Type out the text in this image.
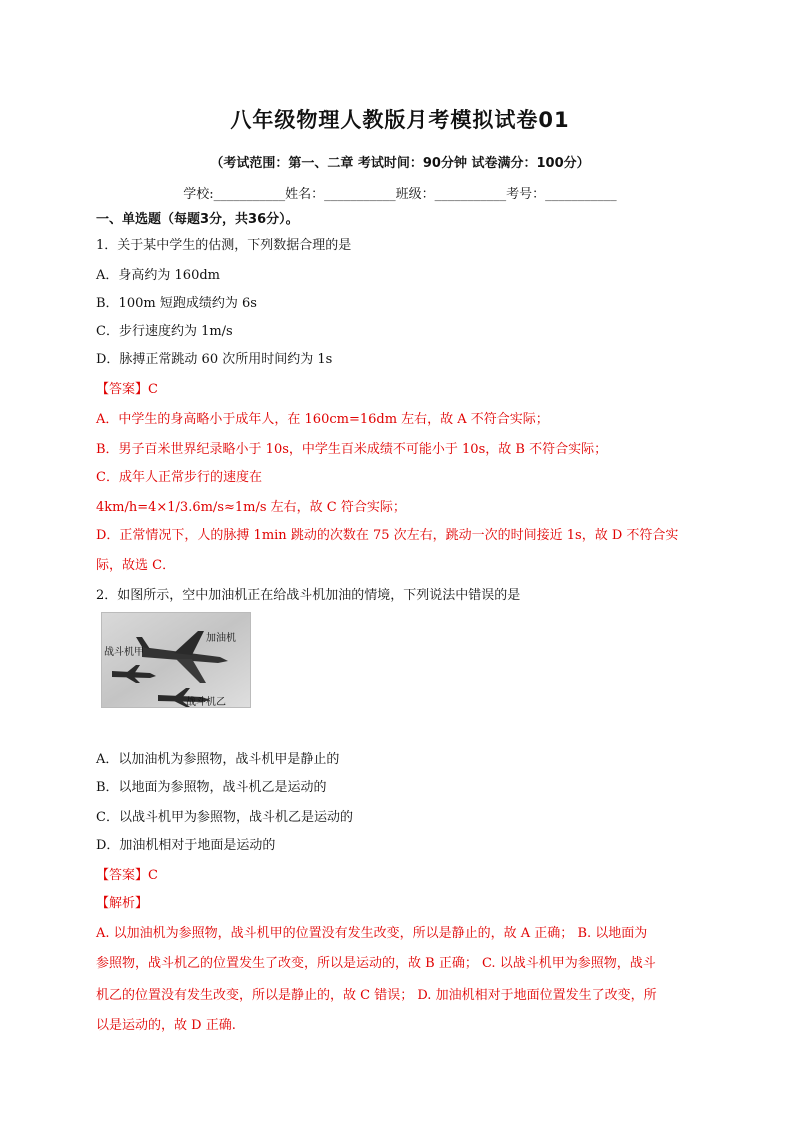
八年级物理人教版月考模拟试卷01
（考试范围：第一、二章 考试时间：90分钟 试卷满分：100分）
学校:___________姓名：___________班级：___________考号：___________
一、单选题（每题3分，共36分）。
1．关于某中学生的估测，下列数据合理的是
A．身高约为 160dm
B．100m 短跑成绩约为 6s
C．步行速度约为 1m/s
D．脉搏正常跳动 60 次所用时间约为 1s
【答案】C
A．中学生的身高略小于成年人，在 160cm=16dm 左右，故 A 不符合实际；
B．男子百米世界纪录略小于 10s，中学生百米成绩不可能小于 10s，故 B 不符合实际；
C．成年人正常步行的速度在
4km/h=4×1/3.6m/s≈1m/s 左右，故 C 符合实际；
D．正常情况下，人的脉搏 1min 跳动的次数在 75 次左右，跳动一次的时间接近 1s，故 D 不符合实
际，故选 C．
2．如图所示，空中加油机正在给战斗机加油的情境，下列说法中错误的是
加油机
战斗机甲
战斗机乙
A．以加油机为参照物，战斗机甲是静止的
B．以地面为参照物，战斗机乙是运动的
C．以战斗机甲为参照物，战斗机乙是运动的
D．加油机相对于地面是运动的
【答案】C
【解析】
A. 以加油机为参照物，战斗机甲的位置没有发生改变，所以是静止的，故 A 正确； B. 以地面为
参照物，战斗机乙的位置发生了改变，所以是运动的，故 B 正确； C. 以战斗机甲为参照物，战斗
机乙的位置没有发生改变，所以是静止的，故 C 错误； D. 加油机相对于地面位置发生了改变，所
以是运动的，故 D 正确.
